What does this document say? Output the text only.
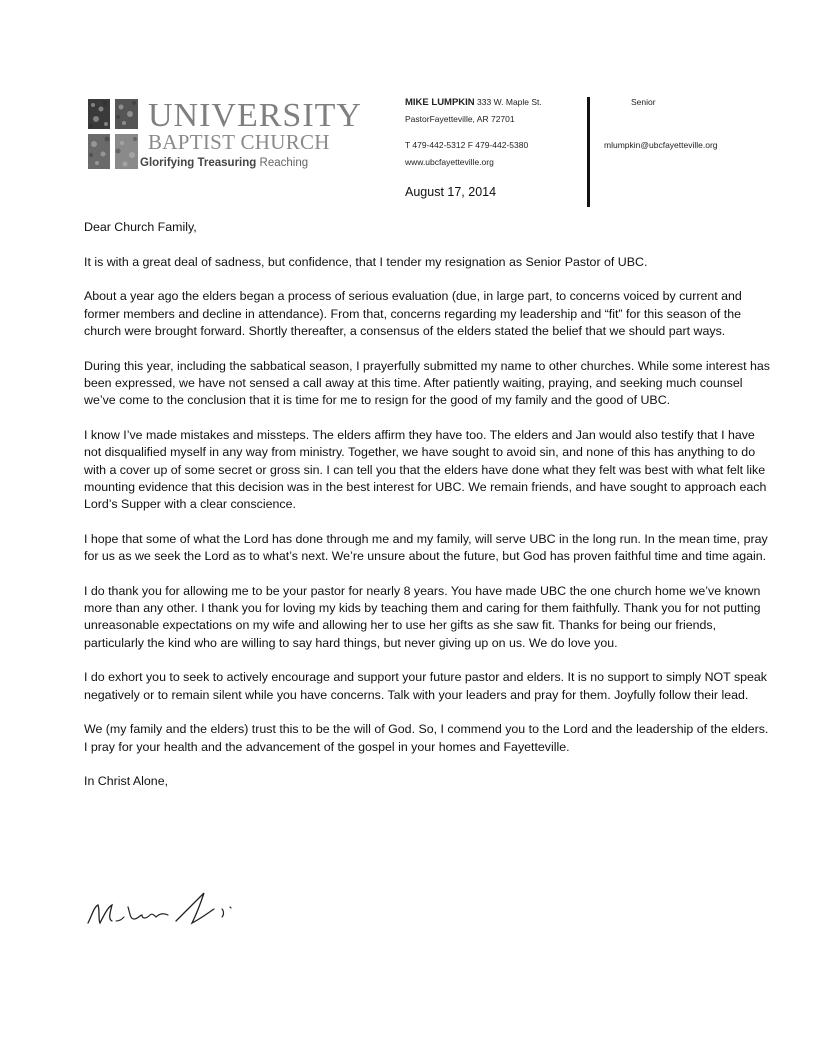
UNIVERSITY
BAPTIST CHURCH
Glorifying Treasuring Reaching
MIKE LUMPKIN 333 W. Maple St.	Senior
PastorFayetteville, AR 72701
T 479-442-5312 F 479-442-5380	mlumpkin@ubcfayetteville.org
www.ubcfayetteville.org
August 17, 2014

Dear Church Family,

It is with a great deal of sadness, but confidence, that I tender my resignation as Senior Pastor of UBC.

About a year ago the elders began a process of serious evaluation (due, in large part, to concerns voiced by current and former members and decline in attendance). From that, concerns regarding my leadership and “fit” for this season of the church were brought forward. Shortly thereafter, a consensus of the elders stated the belief that we should part ways.

During this year, including the sabbatical season, I prayerfully submitted my name to other churches. While some interest has been expressed, we have not sensed a call away at this time. After patiently waiting, praying, and seeking much counsel we’ve come to the conclusion that it is time for me to resign for the good of my family and the good of UBC.

I know I’ve made mistakes and missteps. The elders affirm they have too. The elders and Jan would also testify that I have not disqualified myself in any way from ministry. Together, we have sought to avoid sin, and none of this has anything to do with a cover up of some secret or gross sin. I can tell you that the elders have done what they felt was best with what felt like mounting evidence that this decision was in the best interest for UBC. We remain friends, and have sought to approach each Lord’s Supper with a clear conscience.

I hope that some of what the Lord has done through me and my family, will serve UBC in the long run. In the mean time, pray for us as we seek the Lord as to what’s next. We’re unsure about the future, but God has proven faithful time and time again.

I do thank you for allowing me to be your pastor for nearly 8 years. You have made UBC the one church home we’ve known more than any other. I thank you for loving my kids by teaching them and caring for them faithfully. Thank you for not putting unreasonable expectations on my wife and allowing her to use her gifts as she saw fit. Thanks for being our friends, particularly the kind who are willing to say hard things, but never giving up on us. We do love you.

I do exhort you to seek to actively encourage and support your future pastor and elders. It is no support to simply NOT speak negatively or to remain silent while you have concerns. Talk with your leaders and pray for them. Joyfully follow their lead.

We (my family and the elders) trust this to be the will of God. So, I commend you to the Lord and the leadership of the elders. I pray for your health and the advancement of the gospel in your homes and Fayetteville.

In Christ Alone,
